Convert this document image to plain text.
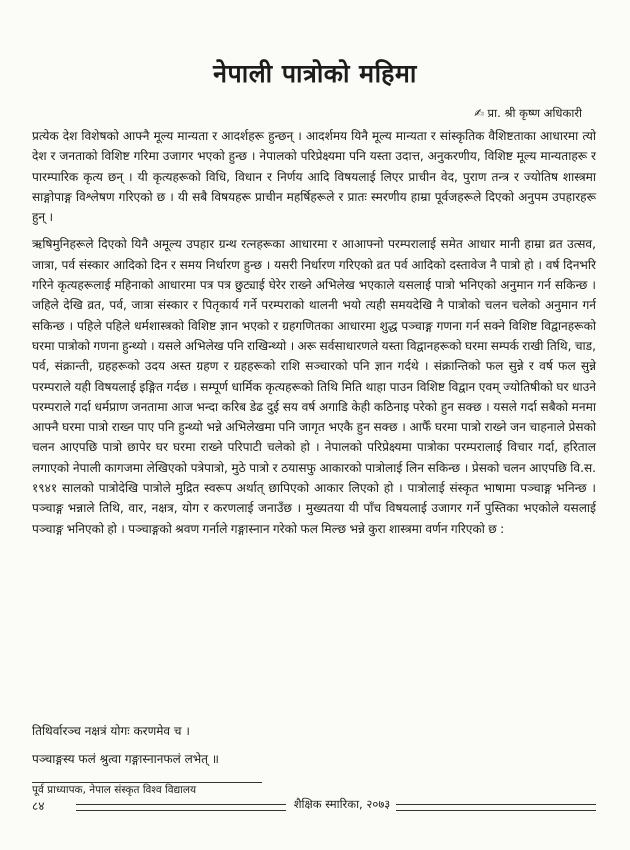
नेपाली पात्रोको महिमा
✍ प्रा. श्री कृष्ण अधिकारी

प्रत्येक देश विशेषको आफ्नै मूल्य मान्यता र आदर्शहरू हुन्छन् । आदर्शमय यिनै मूल्य मान्यता र सांस्कृतिक वैशिष्टताका आधारमा त्यो देश र जनताको विशिष्ट गरिमा उजागर भएको हुन्छ । नेपालको परिप्रेक्ष्यमा पनि यस्ता उदात्त, अनुकरणीय, विशिष्ट मूल्य मान्यताहरू र पारम्पारिक कृत्य छन् । यी कृत्यहरूको विधि, विधान र निर्णय आदि विषयलाई लिएर प्राचीन वेद, पुराण तन्त्र र ज्योतिष शास्त्रमा साङ्गोपाङ्ग विश्लेषण गरिएको छ । यी सबै विषयहरू प्राचीन महर्षिहरूले र प्रातः स्मरणीय हाम्रा पूर्वजहरूले दिएको अनुपम उपहारहरू हुन् ।

ऋषिमुनिहरूले दिएको यिनै अमूल्य उपहार ग्रन्थ रत्नहरूका आधारमा र आआफ्नो परम्परालाई समेत आधार मानी हाम्रा व्रत उत्सव, जात्रा, पर्व संस्कार आदिको दिन र समय निर्धारण हुन्छ । यसरी निर्धारण गरिएको व्रत पर्व आदिको दस्तावेज नै पात्रो हो । वर्ष दिनभरि गरिने कृत्यहरूलाई महिनाको आधारमा पत्र पत्र छुट्याई घेरेर राख्ने अभिलेख भएकाले यसलाई पात्रो भनिएको अनुमान गर्न सकिन्छ । जहिले देखि व्रत, पर्व, जात्रा संस्कार र पितृकार्य गर्ने परम्पराको थालनी भयो त्यही समयदेखि नै पात्रोको चलन चलेको अनुमान गर्न सकिन्छ । पहिले पहिले धर्मशास्त्रको विशिष्ट ज्ञान भएको र ग्रहगणितका आधारमा शुद्ध पञ्चाङ्ग गणना गर्न सक्ने विशिष्ट विद्वानहरूको घरमा पात्रोको गणना हुन्थ्यो । यसले अभिलेख पनि राखिन्थ्यो । अरू सर्वसाधारणले यस्ता विद्वानहरूको घरमा सम्पर्क राखी तिथि, चाड, पर्व, संक्रान्ती, ग्रहहरूको उदय अस्त ग्रहण र ग्रहहरूको राशि सञ्चारको पनि ज्ञान गर्दथे । संक्रान्तिको फल सुन्ने र वर्ष फल सुन्ने परम्पराले यही विषयलाई इङ्गित गर्दछ । सम्पूर्ण धार्मिक कृत्यहरूको तिथि मिति थाहा पाउन विशिष्ट विद्वान एवम् ज्योतिषीको घर धाउने परम्पराले गर्दा धर्मप्राण जनतामा आज भन्दा करिब डेढ दुई सय वर्ष अगाडि केही कठिनाइ परेको हुन सक्छ । यसले गर्दा सबैको मनमा आफ्नै घरमा पात्रो राख्न पाए पनि हुन्थ्यो भन्ने अभिलेखमा पनि जागृत भएकै हुन सक्छ । आफैँ घरमा पात्रो राख्ने जन चाहनाले प्रेसको चलन आएपछि पात्रो छापेर घर घरमा राख्ने परिपाटी चलेको हो । नेपालको परिप्रेक्ष्यमा पात्रोका परम्परालाई विचार गर्दा, हरिताल लगाएको नेपाली कागजमा लेखिएको पत्रेपात्रो, मुठे पात्रो र ठयासफु आकारको पात्रोलाई लिन सकिन्छ । प्रेसको चलन आएपछि वि.स. १९४१ सालको पात्रोदेखि पात्रोले मुद्रित स्वरूप अर्थात् छापिएको आकार लिएको हो । पात्रोलाई संस्कृत भाषामा पञ्चाङ्ग भनिन्छ । पञ्चाङ्ग भन्नाले तिथि, वार, नक्षत्र, योग र करणलाई जनाउँछ । मुख्यतया यी पाँच विषयलाई उजागर गर्ने पुस्तिका भएकोले यसलाई पञ्चाङ्ग भनिएको हो । पञ्चाङ्गको श्रवण गर्नाले गङ्गास्नान गरेको फल मिल्छ भन्ने कुरा शास्त्रमा वर्णन गरिएको छ :

तिथिर्वारञ्च नक्षत्रं योगः करणमेव च ।
पञ्चाङ्गस्य फलं श्रुत्वा गङ्गास्नानफलं लभेत् ॥
पूर्व प्राध्यापक, नेपाल संस्कृत विश्व विद्यालय
८४	शैक्षिक स्मारिका, २०७३
